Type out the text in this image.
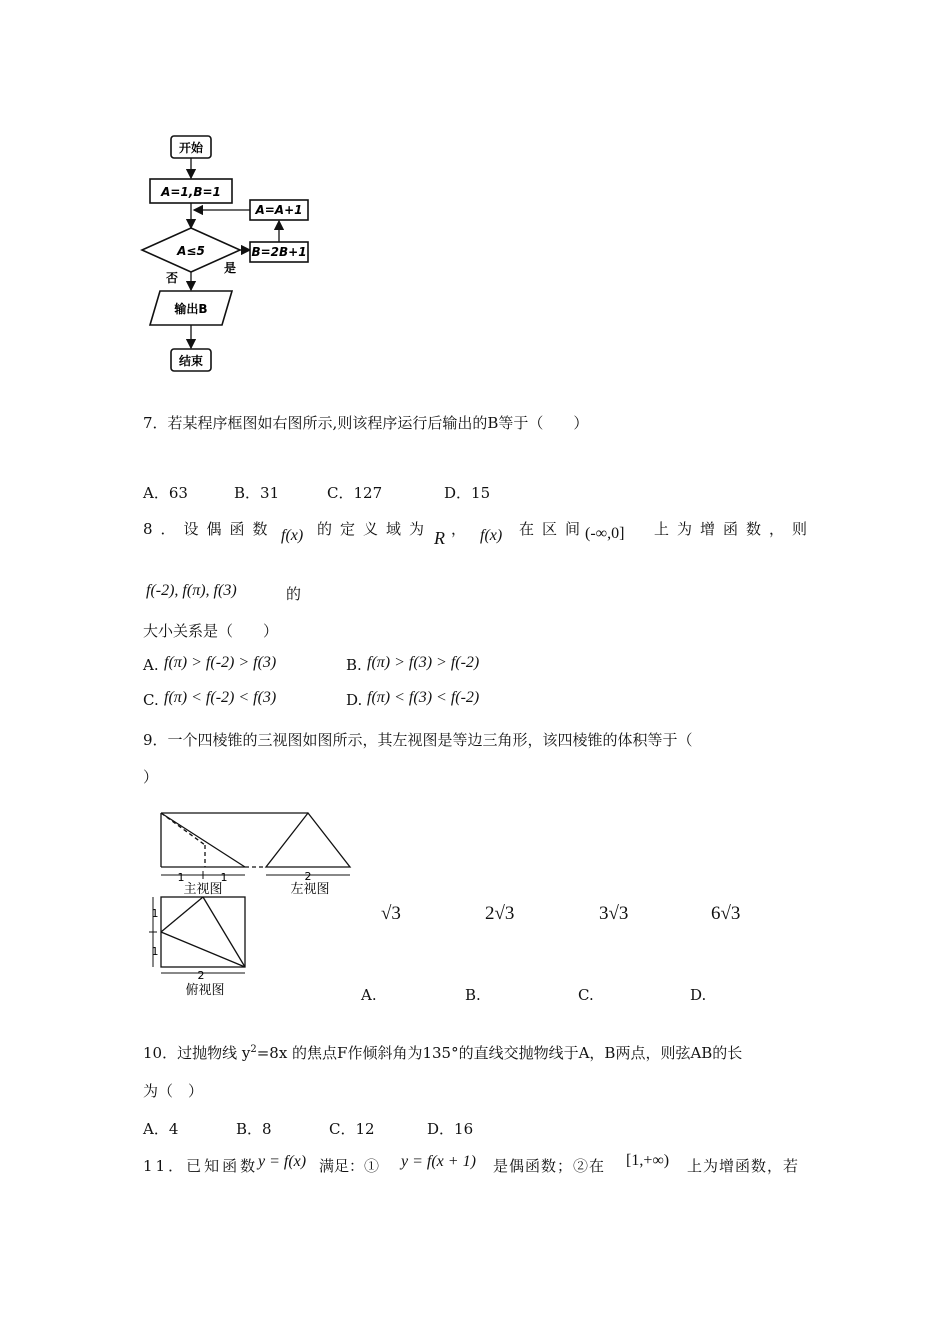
开始
A=1,B=1
A≤5
是
B=2B+1
A=A+1
否
输出B
结束
7．若某程序框图如右图所示,则该程序运行后输出的B等于（　　）
A．63	B．31	C．127	D．15
8．设偶函数 f(x) 的定义域为 R ， f(x) 在区间
(-∞,0] 上为增函数，则
f(-2), f(π), f(3)	的
大小关系是（　　）
A. f(π) > f(-2) > f(3)	B. f(π) > f(3) > f(-2)
C. f(π) < f(-2) < f(3)	D. f(π) < f(3) < f(-2)
9．一个四棱锥的三视图如图所示，其左视图是等边三角形，该四棱锥的体积等于（
）
1	1
主视图
2
左视图
1
1
2
俯视图
√3	2√3	3√3	6√3
A.	B.	C.	D.
10．过抛物线 $y^2=8x$ 的焦点F作倾斜角为135°的直线交抛物线于A，B两点，则弦AB的长
为（　）
A．4	B．8	C．12	D．16
11．已知函数 y = f(x) 满足：① y = f(x + 1) 是偶函数；②在 [1,+∞) 上为增函数，若
